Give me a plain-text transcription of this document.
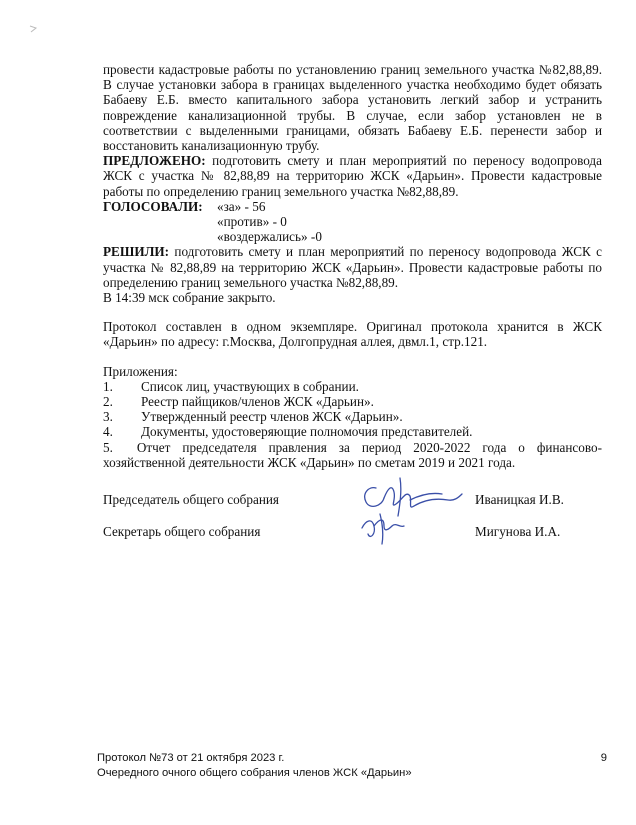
провести кадастровые работы по установлению границ земельного участка №82,88,89. В случае установки забора в границах выделенного участка необходимо будет обязать Бабаеву Е.Б. вместо капитального забора установить легкий забор и устранить повреждение канализационной трубы. В случае, если забор установлен не в соответствии с выделенными границами, обязать Бабаеву Е.Б. перенести забор и восстановить канализационную трубу.

ПРЕДЛОЖЕНО: подготовить смету и план мероприятий по переносу водопровода ЖСК с участка № 82,88,89 на территорию ЖСК «Дарьин». Провести кадастровые работы по определению границ земельного участка №82,88,89.

ГОЛОСОВАЛИ:	«за» - 56
«против» - 0
«воздержались» -0

РЕШИЛИ: подготовить смету и план мероприятий по переносу водопровода ЖСК с участка № 82,88,89 на территорию ЖСК «Дарьин». Провести кадастровые работы по определению границ земельного участка №82,88,89.

В 14:39 мск собрание закрыто.

Протокол составлен в одном экземпляре. Оригинал протокола хранится в ЖСК «Дарьин» по адресу: г.Москва, Долгопрудная аллея, двмл.1, стр.121.

Приложения:

1.	Список лиц, участвующих в собрании.
2.	Реестр пайщиков/членов ЖСК «Дарьин».
3.	Утвержденный реестр членов ЖСК «Дарьин».
4.	Документы, удостоверяющие полномочия представителей.

5. Отчет председателя правления за период 2020-2022 года о финансово-хозяйственной деятельности ЖСК «Дарьин» по сметам 2019 и 2021 года.

Председатель общего собрания	Иваницкая И.В.
Секретарь общего собрания	Мигунова И.А.
Протокол №73 от 21 октября 2023 г.
Очередного очного общего собрания членов ЖСК «Дарьин»
9
